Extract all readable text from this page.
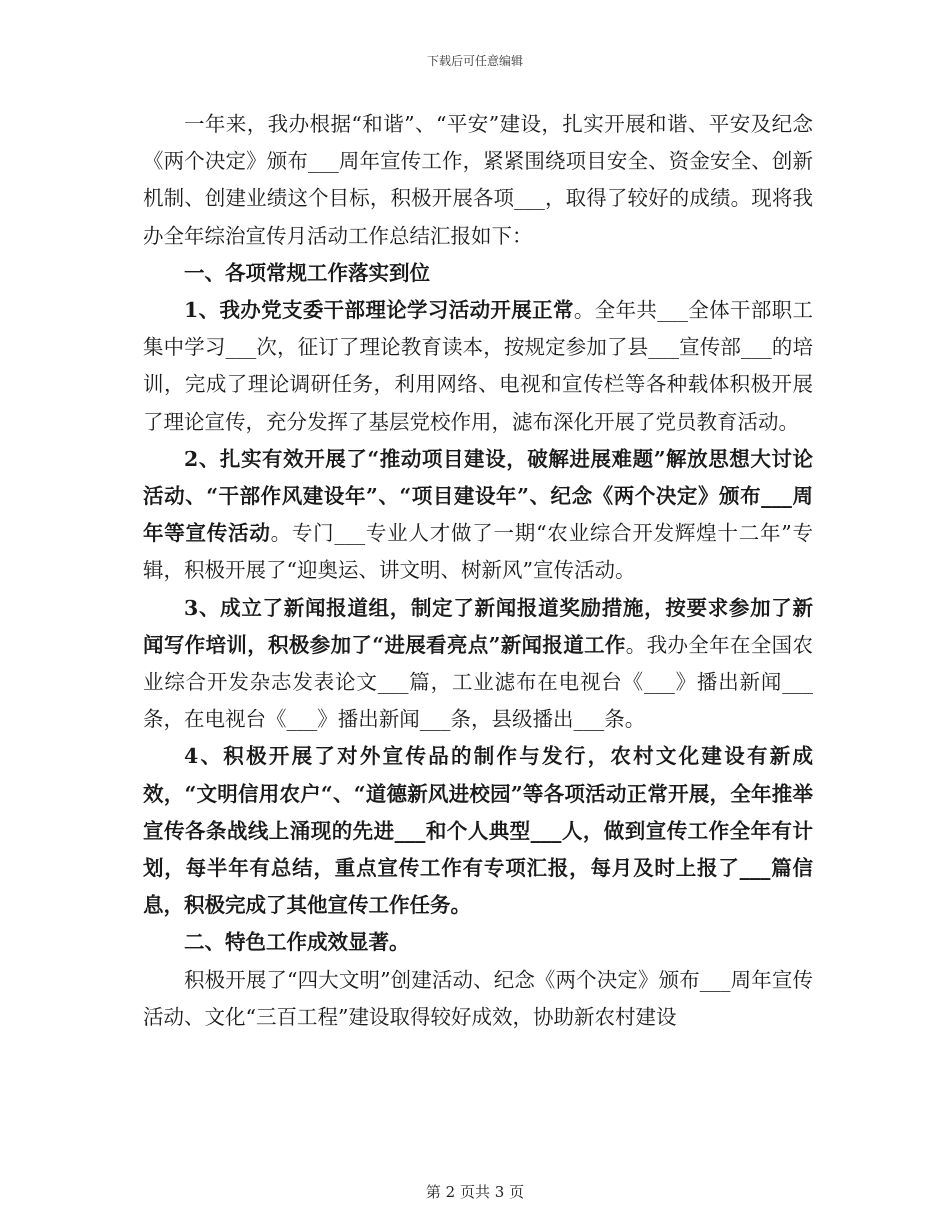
下载后可任意编辑

一年来，我办根据“和谐”、“平安”建设，扎实开展和谐、平安及纪念《两个决定》颁布___周年宣传工作，紧紧围绕项目安全、资金安全、创新机制、创建业绩这个目标，积极开展各项___，取得了较好的成绩。现将我办全年综治宣传月活动工作总结汇报如下：

一、各项常规工作落实到位

1、我办党支委干部理论学习活动开展正常。全年共___全体干部职工集中学习___次，征订了理论教育读本，按规定参加了县___宣传部___的培训，完成了理论调研任务，利用网络、电视和宣传栏等各种载体积极开展了理论宣传，充分发挥了基层党校作用，滤布深化开展了党员教育活动。

2、扎实有效开展了“推动项目建设，破解进展难题”解放思想大讨论活动、“干部作风建设年”、“项目建设年”、纪念《两个决定》颁布___周年等宣传活动。专门___专业人才做了一期“农业综合开发辉煌十二年”专辑，积极开展了“迎奥运、讲文明、树新风”宣传活动。

3、成立了新闻报道组，制定了新闻报道奖励措施，按要求参加了新闻写作培训，积极参加了“进展看亮点”新闻报道工作。我办全年在全国农业综合开发杂志发表论文___篇，工业滤布在电视台《___》播出新闻___条，在电视台《___》播出新闻___条，县级播出___条。

4、积极开展了对外宣传品的制作与发行，农村文化建设有新成效，“文明信用农户“、“道德新风进校园”等各项活动正常开展，全年推举宣传各条战线上涌现的先进___和个人典型___人，做到宣传工作全年有计划，每半年有总结，重点宣传工作有专项汇报，每月及时上报了___篇信息，积极完成了其他宣传工作任务。

二、特色工作成效显著。

积极开展了“四大文明”创建活动、纪念《两个决定》颁布___周年宣传活动、文化“三百工程”建设取得较好成效，协助新农村建设

第 2 页共 3 页
